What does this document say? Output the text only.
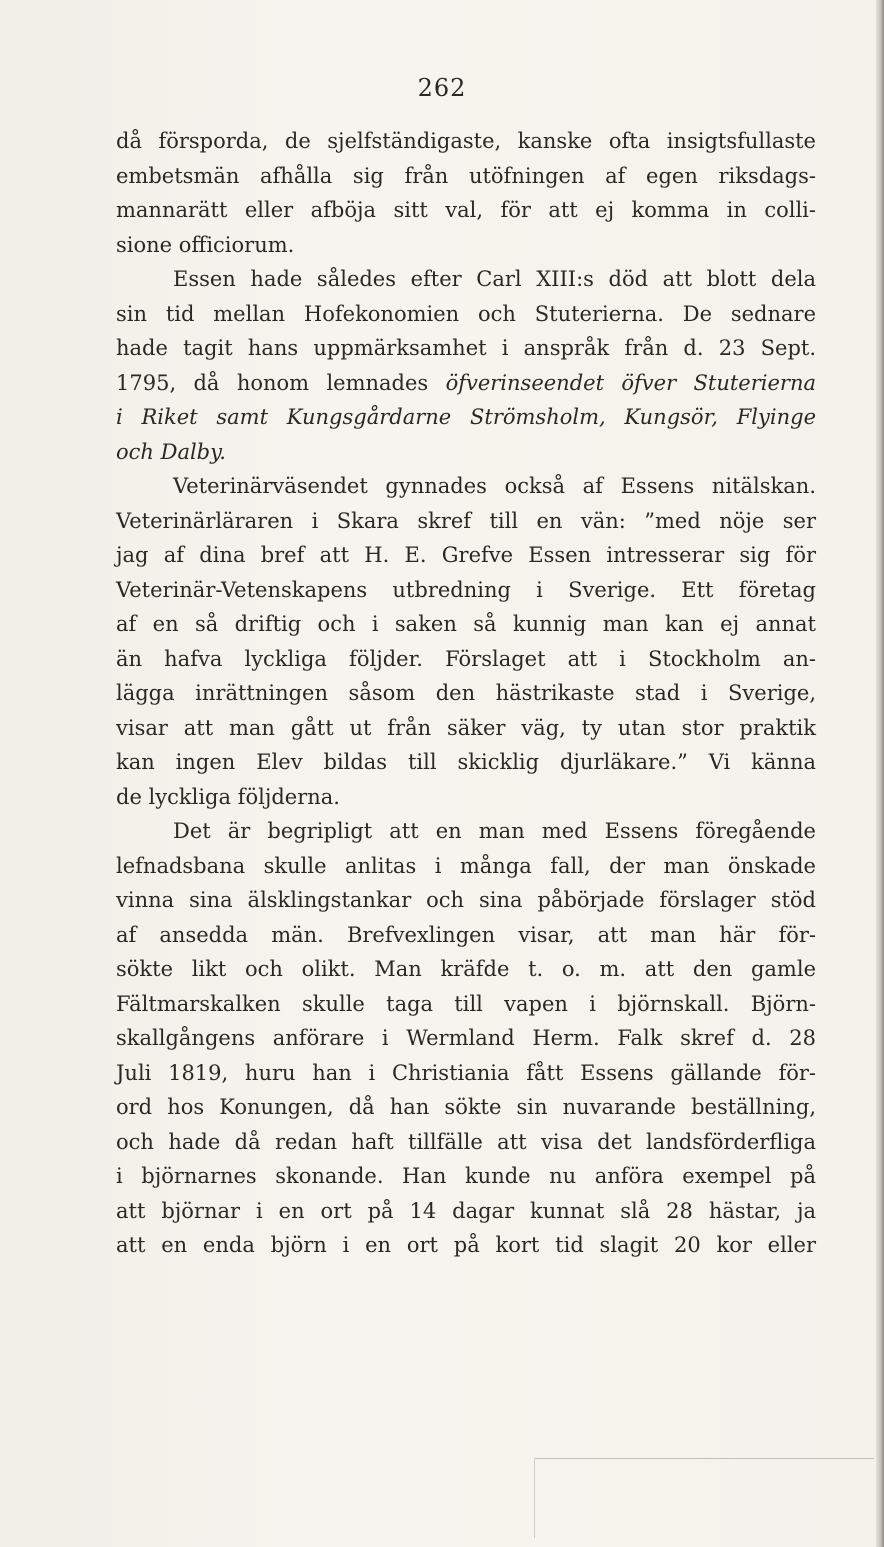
262
då försporda, de sjelfständigaste, kanske ofta insigtsfullaste
embetsmän afhålla sig från utöfningen af egen riksdags-
mannarätt eller afböja sitt val, för att ej komma in colli-
sione officiorum.
Essen hade således efter Carl XIII:s död att blott dela
sin tid mellan Hofekonomien och Stuterierna. De sednare
hade tagit hans uppmärksamhet i anspråk från d. 23 Sept.
1795, då honom lemnades öfverinseendet öfver Stuterierna
i Riket samt Kungsgårdarne Strömsholm, Kungsör, Flyinge
och Dalby.
Veterinärväsendet gynnades också af Essens nitälskan.
Veterinärläraren i Skara skref till en vän: ”med nöje ser
jag af dina bref att H. E. Grefve Essen intresserar sig för
Veterinär-Vetenskapens utbredning i Sverige. Ett företag
af en så driftig och i saken så kunnig man kan ej annat
än hafva lyckliga följder. Förslaget att i Stockholm an-
lägga inrättningen såsom den hästrikaste stad i Sverige,
visar att man gått ut från säker väg, ty utan stor praktik
kan ingen Elev bildas till skicklig djurläkare.” Vi känna
de lyckliga följderna.
Det är begripligt att en man med Essens föregående
lefnadsbana skulle anlitas i många fall, der man önskade
vinna sina älsklingstankar och sina påbörjade förslager stöd
af ansedda män. Brefvexlingen visar, att man här för-
sökte likt och olikt. Man kräfde t. o. m. att den gamle
Fältmarskalken skulle taga till vapen i björnskall. Björn-
skallgångens anförare i Wermland Herm. Falk skref d. 28
Juli 1819, huru han i Christiania fått Essens gällande för-
ord hos Konungen, då han sökte sin nuvarande beställning,
och hade då redan haft tillfälle att visa det landsförderfliga
i björnarnes skonande. Han kunde nu anföra exempel på
att björnar i en ort på 14 dagar kunnat slå 28 hästar, ja
att en enda björn i en ort på kort tid slagit 20 kor eller
